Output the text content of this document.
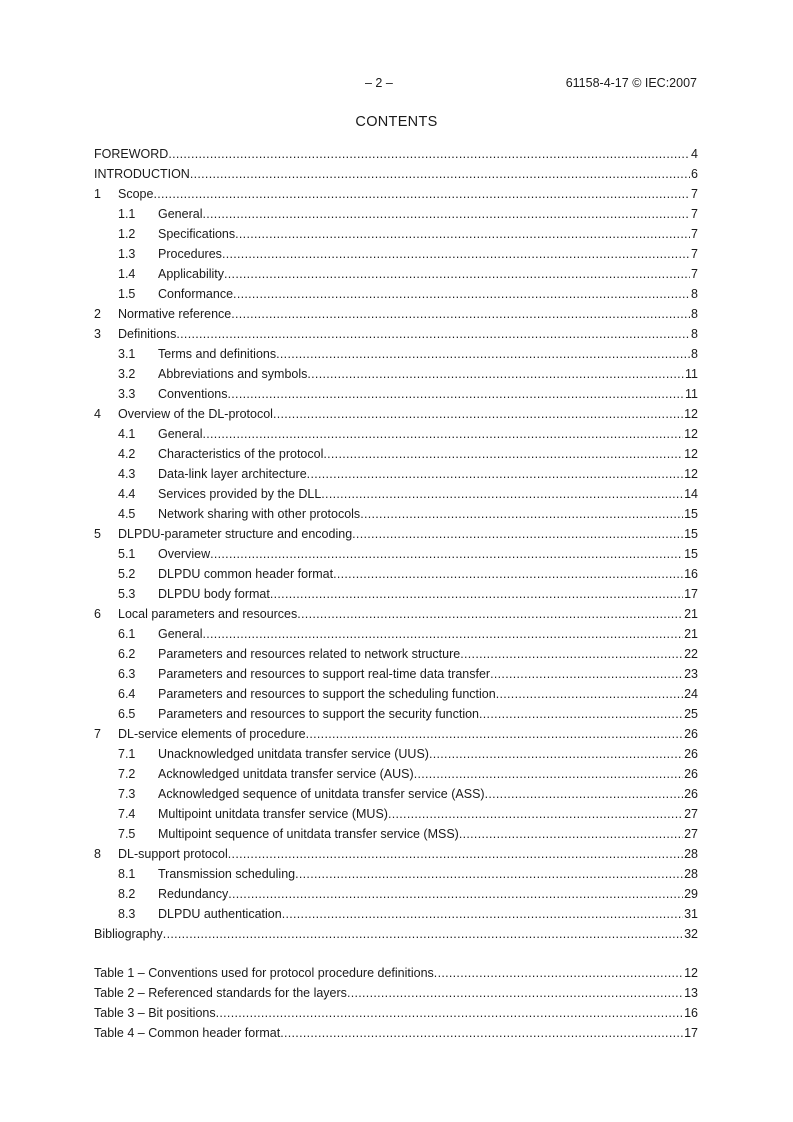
– 2 –	61158-4-17 © IEC:2007
CONTENTS
FOREWORD .....	4
INTRODUCTION .....	6
1	Scope .....	7
1.1	General .....	7
1.2	Specifications .....	7
1.3	Procedures .....	7
1.4	Applicability .....	7
1.5	Conformance .....	8
2	Normative reference .....	8
3	Definitions .....	8
3.1	Terms and definitions .....	8
3.2	Abbreviations and symbols .....	11
3.3	Conventions .....	11
4	Overview of the DL-protocol .....	12
4.1	General .....	12
4.2	Characteristics of the protocol .....	12
4.3	Data-link layer architecture .....	12
4.4	Services provided by the DLL .....	14
4.5	Network sharing with other protocols .....	15
5	DLPDU-parameter structure and encoding .....	15
5.1	Overview .....	15
5.2	DLPDU common header format .....	16
5.3	DLPDU body format .....	17
6	Local parameters and resources .....	21
6.1	General .....	21
6.2	Parameters and resources related to network structure .....	22
6.3	Parameters and resources to support real-time data transfer .....	23
6.4	Parameters and resources to support the scheduling function .....	24
6.5	Parameters and resources to support the security function .....	25
7	DL-service elements of procedure .....	26
7.1	Unacknowledged unitdata transfer service (UUS) .....	26
7.2	Acknowledged unitdata transfer service (AUS) .....	26
7.3	Acknowledged sequence of unitdata transfer service (ASS) .....	26
7.4	Multipoint unitdata transfer service (MUS) .....	27
7.5	Multipoint sequence of unitdata transfer service (MSS) .....	27
8	DL-support protocol .....	28
8.1	Transmission scheduling .....	28
8.2	Redundancy .....	29
8.3	DLPDU authentication .....	31
Bibliography .....	32
Table 1 – Conventions used for protocol procedure definitions .....	12
Table 2 – Referenced standards for the layers .....	13
Table 3 – Bit positions .....	16
Table 4 – Common header format .....	17
